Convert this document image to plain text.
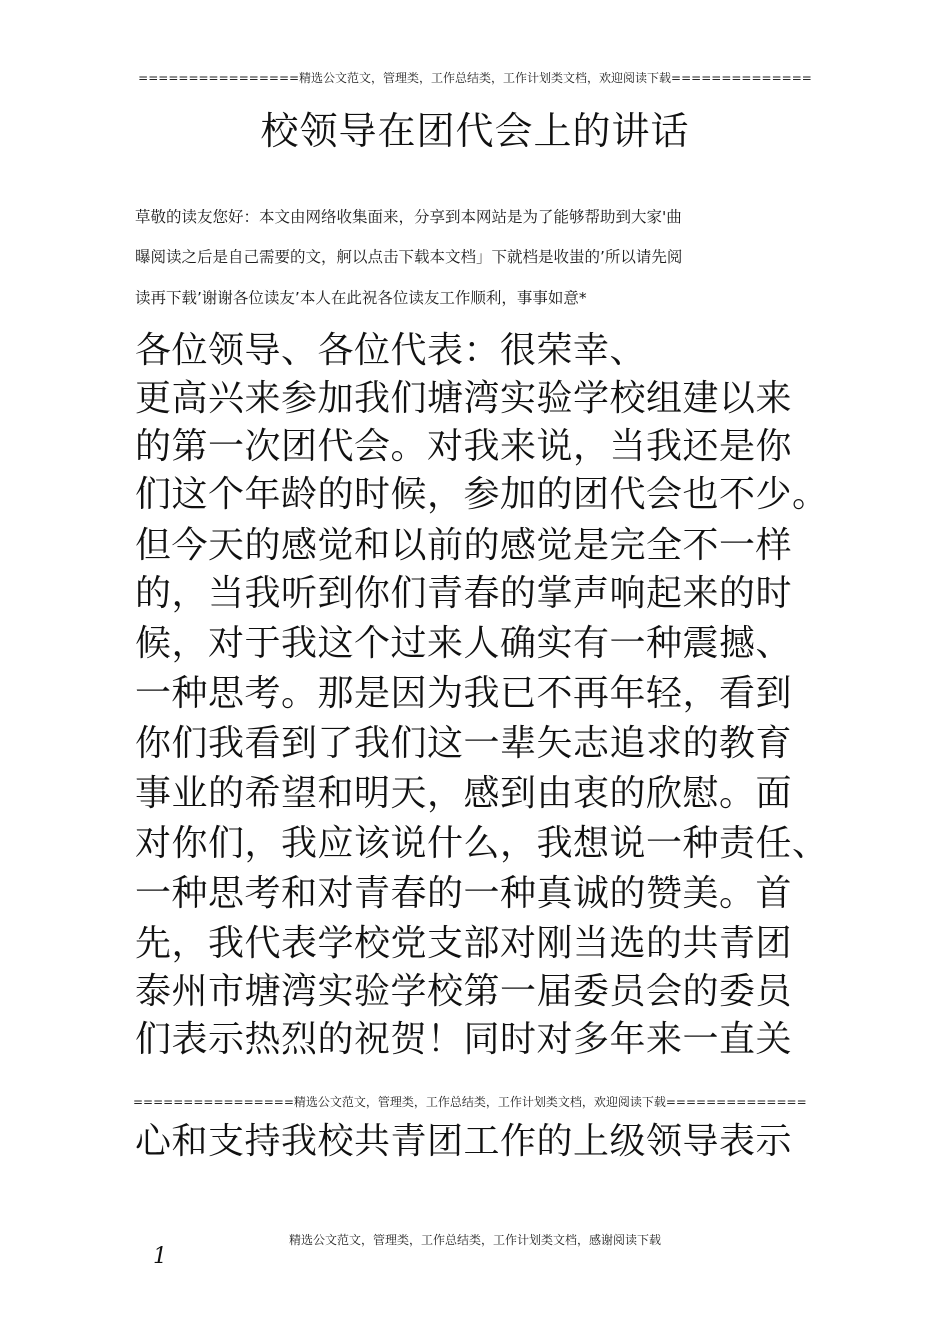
================精选公文范文，管理类，工作总结类，工作计划类文档，欢迎阅读下载==============
校领导在团代会上的讲话
草敬的读友您好：本文由网络收集面来，分享到本网站是为了能够帮助到大家'曲
曝阅读之后是自己需要的文，舸以点击下载本文档」下就档是收蚩的’所以请先阅
读再下载’谢谢各位读友’本人在此祝各位读友工作顺利，事事如意*
各位领导、各位代表：很荣幸、
更高兴来参加我们塘湾实验学校组建以来
的第一次团代会。对我来说，当我还是你
们这个年龄的时候，参加的团代会也不少。
但今天的感觉和以前的感觉是完全不一样
的，当我听到你们青春的掌声响起来的时
候，对于我这个过来人确实有一种震撼、
一种思考。那是因为我已不再年轻，看到
你们我看到了我们这一辈矢志追求的教育
事业的希望和明天，感到由衷的欣慰。面
对你们，我应该说什么，我想说一种责任、
一种思考和对青春的一种真诚的赞美。首
先，我代表学校党支部对刚当选的共青团
泰州市塘湾实验学校第一届委员会的委员
们表示热烈的祝贺！同时对多年来一直关
================精选公文范文，管理类，工作总结类，工作计划类文档，欢迎阅读下载==============
心和支持我校共青团工作的上级领导表示
精选公文范文，管理类，工作总结类，工作计划类文档，感谢阅读下载
1
